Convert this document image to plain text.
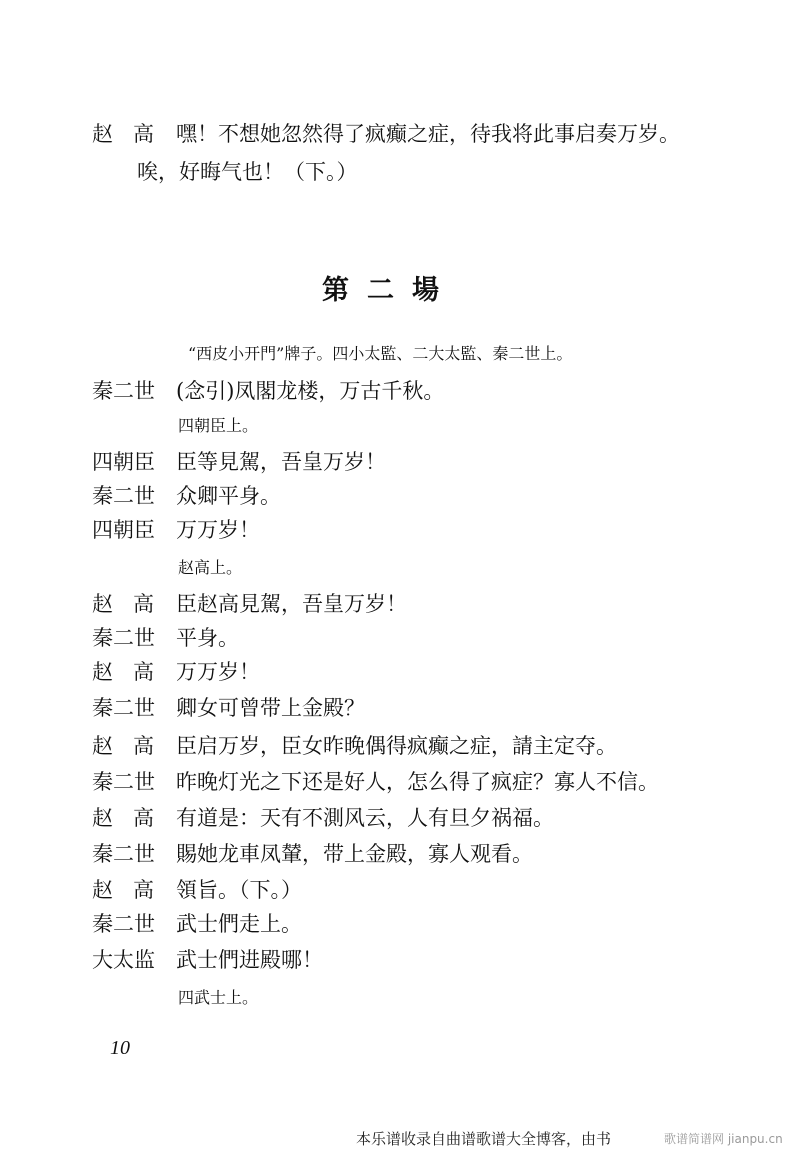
赵 高 嘿！不想她忽然得了疯癫之症，待我将此事启奏万岁。
唉，好晦气也！（下。）
第二場
“西皮小开門”牌子。四小太監、二大太監、秦二世上。
秦二世 (念引)凤閣龙楼，万古千秋。
四朝臣上。
四朝臣 臣等見駕，吾皇万岁！
秦二世 众卿平身。
四朝臣 万万岁！
赵高上。
赵 高 臣赵高見駕，吾皇万岁！
秦二世 平身。
赵 高 万万岁！
秦二世 卿女可曾带上金殿？
赵 高 臣启万岁，臣女昨晚偶得疯癫之症，請主定夺。
秦二世 昨晚灯光之下还是好人，怎么得了疯症？寡人不信。
赵 高 有道是：天有不測风云，人有旦夕祸福。
秦二世 賜她龙車凤輦，带上金殿，寡人观看。
赵 高 領旨。（下。）
秦二世 武士們走上。
大太监 武士們进殿哪！
四武士上。
10
本乐谱收录自曲谱歌谱大全博客，由书	歌谱简谱网 jianpu.cn
